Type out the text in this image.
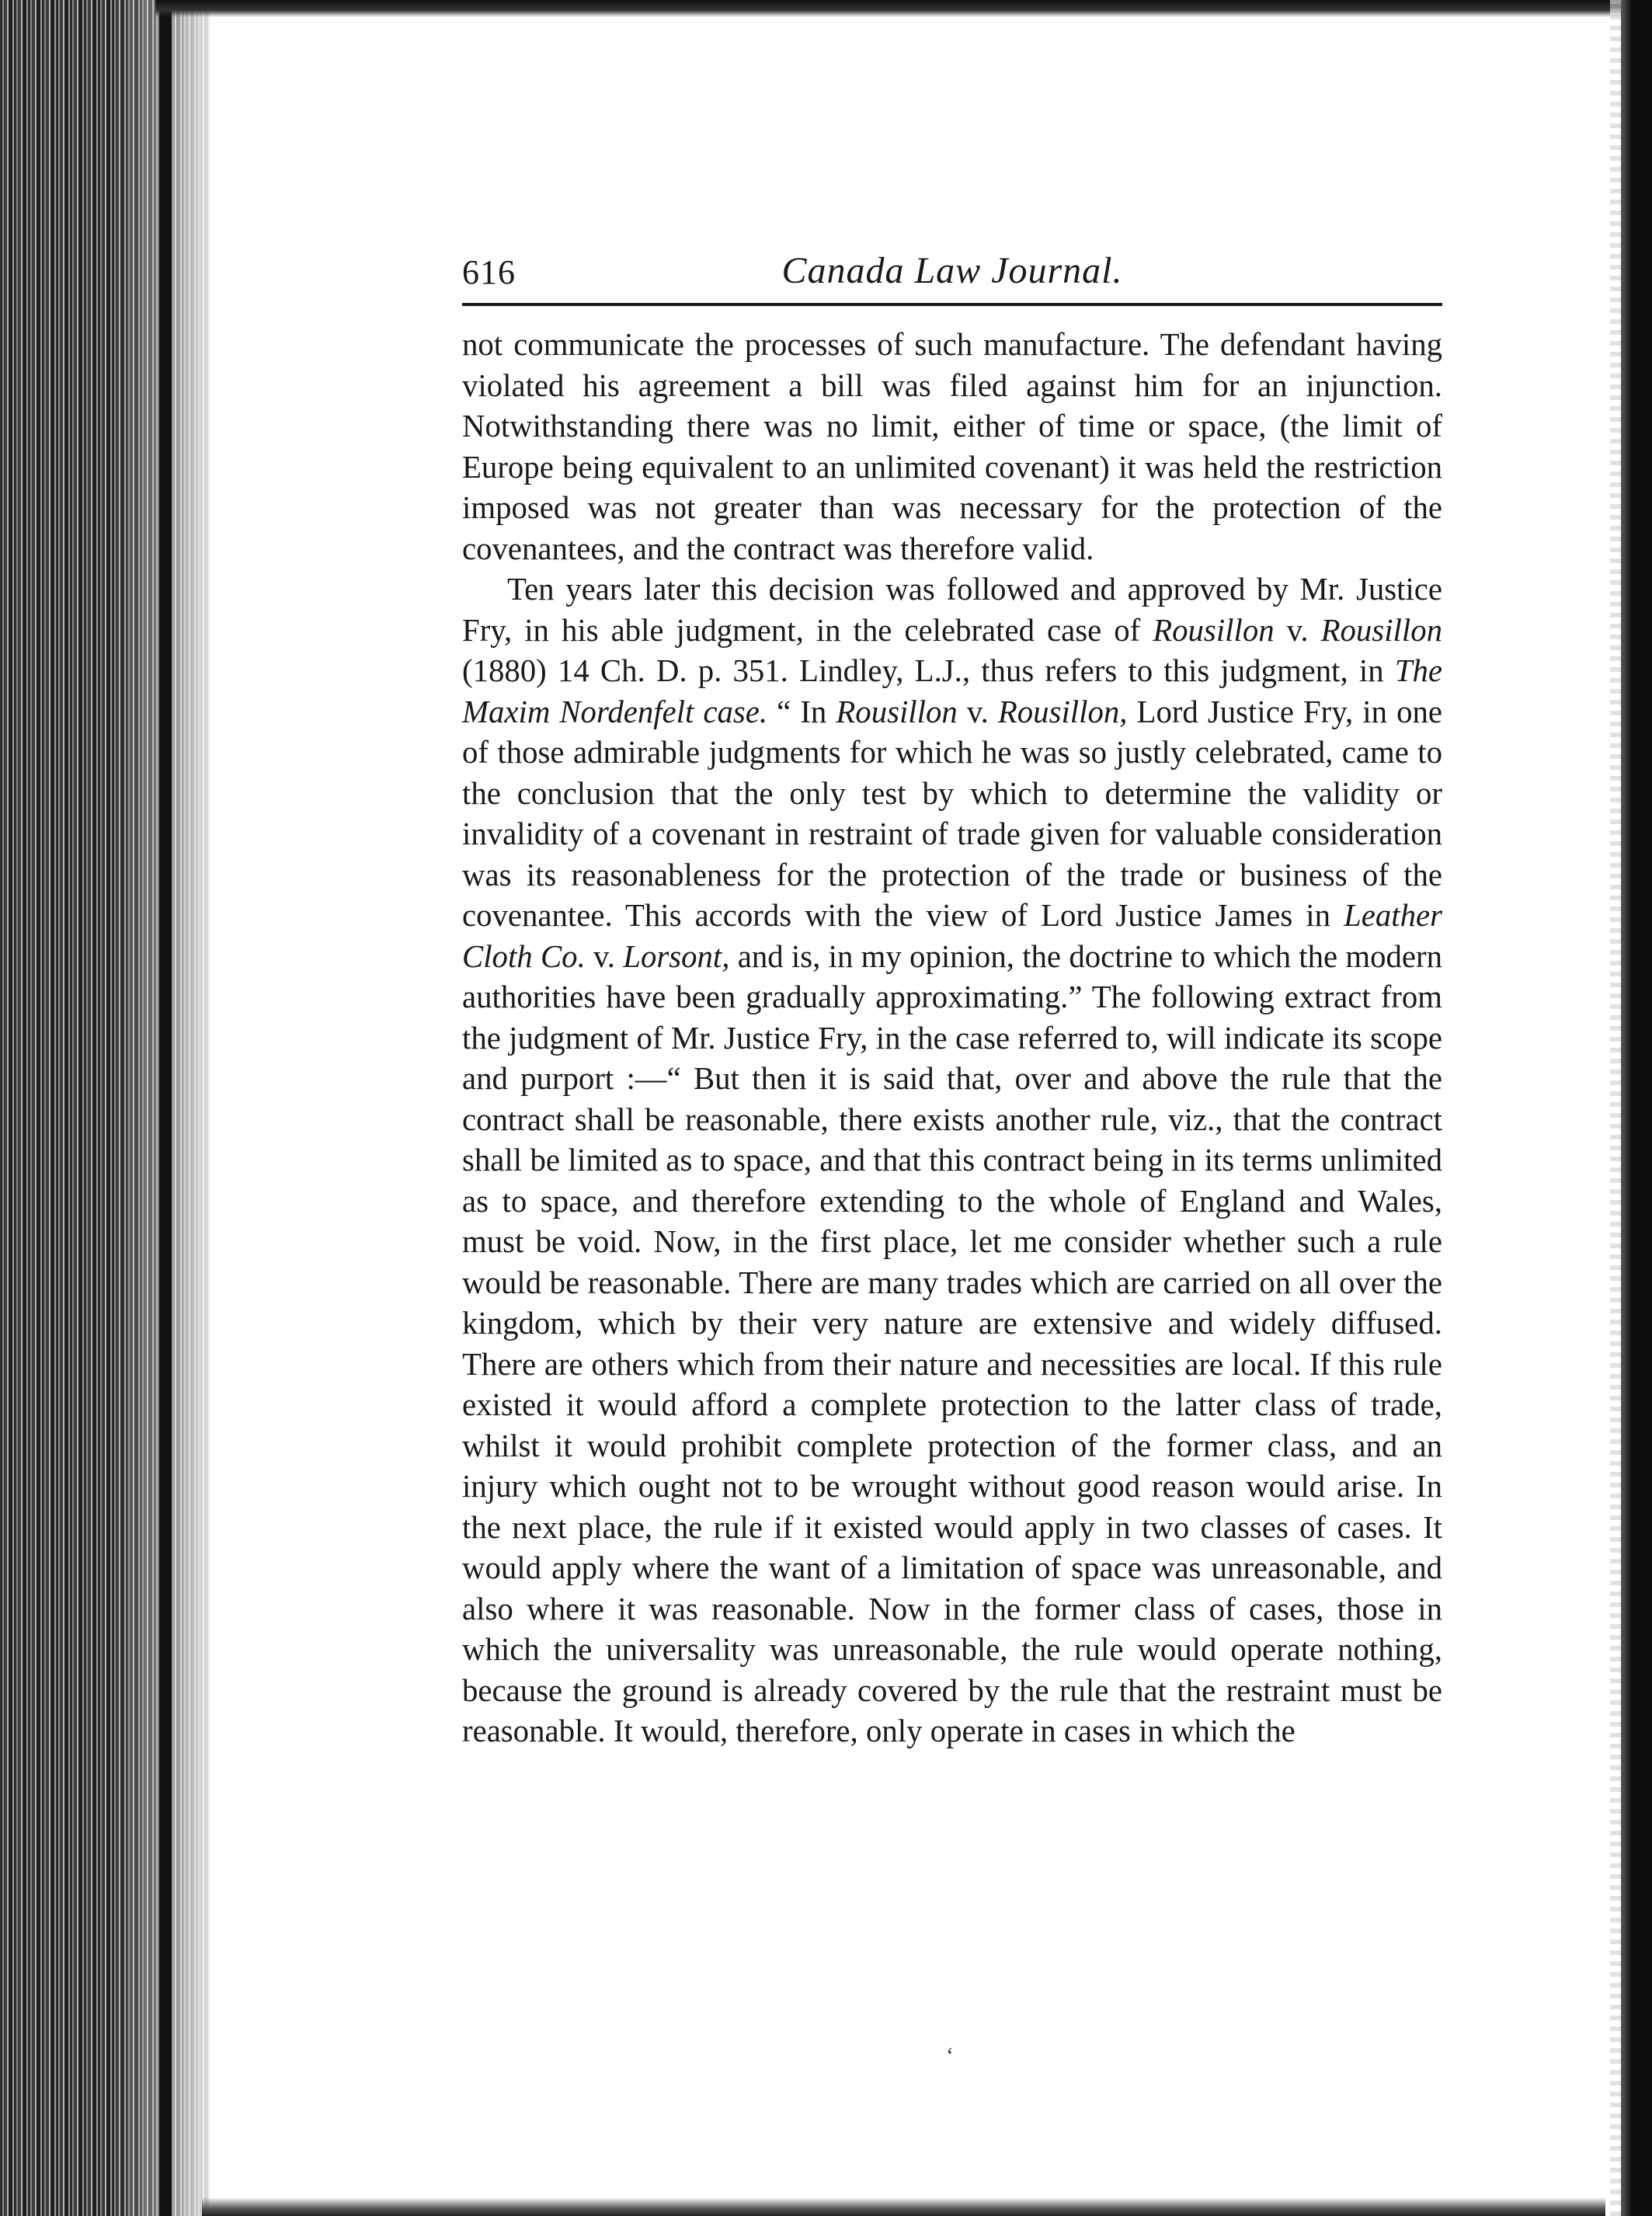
616	Canada Law Journal.

not communicate the processes of such manufacture. The defendant having violated his agreement a bill was filed against him for an injunction. Notwithstanding there was no limit, either of time or space, (the limit of Europe being equivalent to an unlimited covenant) it was held the restriction imposed was not greater than was necessary for the protection of the covenantees, and the contract was therefore valid.

Ten years later this decision was followed and approved by Mr. Justice Fry, in his able judgment, in the celebrated case of Rousillon v. Rousillon (1880) 14 Ch. D. p. 351. Lindley, L.J., thus refers to this judgment, in The Maxim Nordenfelt case. “ In Rousillon v. Rousillon, Lord Justice Fry, in one of those admirable judgments for which he was so justly celebrated, came to the conclusion that the only test by which to determine the validity or invalidity of a covenant in restraint of trade given for valuable consideration was its reasonableness for the protection of the trade or business of the covenantee. This accords with the view of Lord Justice James in Leather Cloth Co. v. Lorsont, and is, in my opinion, the doctrine to which the modern authorities have been gradually approximating.” The following extract from the judgment of Mr. Justice Fry, in the case referred to, will indicate its scope and purport :—“ But then it is said that, over and above the rule that the contract shall be reasonable, there exists another rule, viz., that the contract shall be limited as to space, and that this contract being in its terms unlimited as to space, and therefore extending to the whole of England and Wales, must be void. Now, in the first place, let me consider whether such a rule would be reasonable. There are many trades which are carried on all over the kingdom, which by their very nature are extensive and widely diffused. There are others which from their nature and necessities are local. If this rule existed it would afford a complete protection to the latter class of trade, whilst it would prohibit complete protection of the former class, and an injury which ought not to be wrought without good reason would arise. In the next place, the rule if it existed would apply in two classes of cases. It would apply where the want of a limitation of space was unreasonable, and also where it was reasonable. Now in the former class of cases, those in which the universality was unreasonable, the rule would operate nothing, because the ground is already covered by the rule that the restraint must be reasonable. It would, therefore, only operate in cases in which the

‘
